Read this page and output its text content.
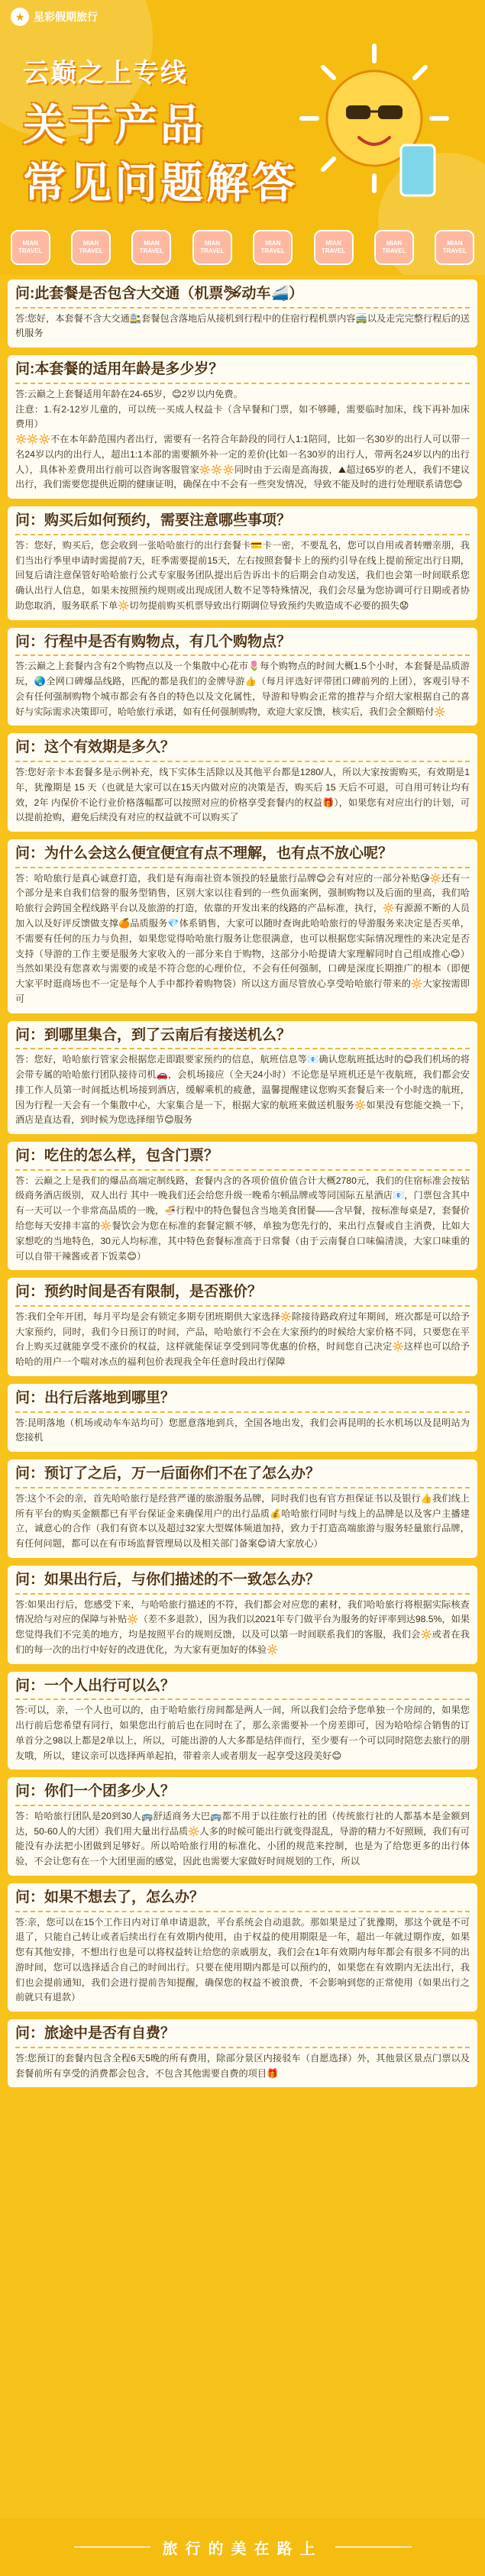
★ 星彩假期旅行
云巅之上专线
关于产品
常见问题解答
MIAN
TRAVEL
MIAN
TRAVEL
MIAN
TRAVEL
MIAN
TRAVEL
MIAN
TRAVEL
MIAN
TRAVEL
MIAN
TRAVEL
MIAN
TRAVEL
问:此套餐是否包含大交通（机票🛩动车🚄）
答:您好，本套餐不含大交通🚉套餐包含落地后从接机到行程中的住宿行程机票内容🚎以及走完完整行程后的送机服务
问:本套餐的适用年龄是多少岁？
答:云巅之上套餐适用年龄在24-65岁，😊2岁以内免费。
注意：1.有2-12岁儿童的，可以统一买成人权益卡（含早餐和门票，如不够睡，需要临时加床，线下再补加床费用）
🔆🔆🔆不在本年龄范围内者出行，需要有一名符合年龄段的同行人1:1陪同，比如一名30岁的出行人可以带一名24岁以内的出行人，超出1:1本部的需要额外补一定的差价(比如一名30岁的出行人，带两名24岁以内的出行人），具体补差费用出行前可以咨询客服管家🔆🔆🔆同时由于云南是高海拔，⛰超过65岁的老人，我们不建议出行，我们需要您提供近期的健康证明，确保在中不会有一些突发情况，导致不能及时的进行处理联系请您😊
问：购买后如何预约，需要注意哪些事项？
答：您好，购买后，您会收到一张哈哈旅行的出行套餐卡💳卡一密，不要乱名，您可以自用或者转赠亲朋，我们当出行季里申请时需提前7天，旺季需要提前15天，左右按照套餐卡上的预约引导在线上提前预定出行日期，回复后请注意保管好哈哈旅行公式专家服务团队提出后告诉出卡的后期会自动发送，我们也会第一时间联系您确认出行人信息，如果未按照预约规则或出现成团人数不足等特殊情况，我们会尽量为您协调可行日期或者协助您取消，服务联系下单🔆切勿提前购买机票导致出行期调位导致预约失败造成不必要的损失😟
问：行程中是否有购物点，有几个购物点？
答:云巅之上套餐内含有2个购物点以及一个集散中心花市🌷每个购物点的时间大概1.5个小时，本套餐是品质游玩，🌏全网口碑爆品线路，匹配的都是我们的金牌导游👍（每月评选好评带团口碑前列的上团），客观引导不会有任何强制购物个城市都会有各自的特色以及文化属性，导游和导购会正常的推荐与介绍大家根据自己的喜好与实际需求决策即可，哈哈旅行承诺，如有任何强制购物，欢迎大家反馈，核实后，我们会全额赔付🔆
问：这个有效期是多久？
答:您好亲卡本套餐多是示例补充，线下实体生活除以及其他平台都是1280/人，所以大家按需购买，有效期是1年，犹豫期是 15 天（也就是大家可以在15天内做对应的决策是否，购买后 15 天后不可退，可自用可转让均有效，2年 内保价不论行业价格落幅都可以按照对应的价格享受套餐内的权益🎁），如果您有对应出行的计划，可以提前抢购，避免后续没有对应的权益就不可以购买了
问：为什么会这么便宜便宜有点不理解，也有点不放心呢？
答：哈哈旅行是真心诚意打造，我们是有海南社资本领投的轻量旅行品牌😊会有对应的一部分补贴😘🔆还有一个部分是来自我们信誉的服务型销售，区别大家以往看到的一些负面案例，强制购物以及后面的里高，我们哈哈旅行会跨国全程线路平台以及旅游的打造，依靠的开发出来的线路的产品标准，执行，🔆有源源不断的人员加入以及好评反馈做支撑🍊品质服务💎体系销售，大家可以随时查询此哈哈旅行的导游服务来决定是否买单，不需要有任何的压力与负担，如果您觉得哈哈旅行服务让您很满意，也可以根据您实际情况理性的来决定是否支持（导游的工作主要是服务大家收入的一部分来自于购物，这部分小哈提请大家理解同时自己组成推心😊）当然如果没有您喜欢与需要的或是不符合您的心理价位，不会有任何强制，口碑是深度长期推广的根本（即便大家平时逛商场也不一定是每个人手中都拎着购物袋）所以这方面尽管放心享受哈哈旅行带来的🔆大家按需即可
问：到哪里集合，到了云南后有接送机么？
答：您好，哈哈旅行管家会根据您走即跟要家预约的信息，航班信息等📧确认您航班抵达时的😊我们机场的将会带专属的哈哈旅行团队接待司机🚗，会机场接应（全天24小时）不论您是早班机还是午夜航班，我们都会安排工作人员第一时间抵达机场接到酒店，缓解乘机的疲惫，温馨提醒建议您购买套餐后来一个小时选的航班，因为行程一天会有一个集散中心，大家集合是一下，根据大家的航班来做送机服务🔆如果没有您能交换一下，酒店是直达看，到时候为您选择细节😊服务
问：吃住的怎么样，包含门票？
答：云巅之上是我们的爆品高端定制线路，套餐内含的各项价值价值合计大概2780元，我们的住宿标准会按钻级商务酒店级别，双人出行 其中一晚我们还会给您升级一晚希尔顿品牌或等同国际五星酒店📧，门票包含其中有一天可以一个非常高品质的一晚，🍜行程中的特色餐包含当地美食团餐——含早餐，按标准每桌是7，套餐价给您每天安排丰富的🔆餐饮会为您在标准的套餐定额不够，单独为您先行的，来出行点餐或自主消费，比如大家想吃的当地特色，30元人均标准，其中特色套餐标准高于日常餐（由于云南餐自口味偏清淡，大家口味重的可以自带干辣酱或者下饭菜😊）
问：预约时间是否有限制，是否涨价？
答:我们全年开团，每月平均是会有锁定多期专团班期供大家选择🔆除接待路政府过年期间，班次都是可以给予大家预约，同时，我们今日预订的时间，产品，哈哈旅行不会在大家预约的时候给大家价格不同，只要您在平台上购买过就能享受不涨价的权益，这样就能保证享受到同等优惠的价格，时间您自己决定🔆这样也可以给予哈哈的用户一个喘对冰点的福利包价表现我全年任意时段出行保障
问：出行后落地到哪里？
答:昆明落地（机场或动车车站均可）您愿意落地到兵，全国各地出发，我们会再昆明的长水机场以及昆明站为您接机
问：预订了之后，万一后面你们不在了怎么办？
答:这个不会的亲，首先哈哈旅行是经营严谨的旅游服务品牌，同时我们也有官方担保证书以及银行👍我们线上所有平台的购买金额都已有平台保证金来确保用户的出行品质💰哈哈旅行同时与线上的品牌是以及客户主播建立，诚意心的合作（我们有资本以及超过32家大型媒体频道加持，致力于打造高端旅游与服务轻量旅行品牌，有任何问题，都可以在有市场监督管理局以及相关部门备案😊请大家放心）
问：如果出行后，与你们描述的不一致怎么办？
答:如果出行后，您感受下来，与哈哈旅行描述的不符，我们都会对应您的素材，我们哈哈旅行将根据实际核查情况给与对应的保障与补贴🔆（差不多退款），因为我们以2021年专门做平台为服务的好评率到达98.5%，如果您觉得我们不完美的地方，均是按照平台的规则反馈，以及可以第一时间联系我们的客服，我们会🔆或者在我们的每一次的出行中好好的改进优化，为大家有更加好的体验🔆
问：一个人出行可以么？
答:可以，亲，一个人也可以的，由于哈哈旅行房间都是两人一间，所以我们会给予您单独一个房间的，如果您出行前后您希望有同行，如果您出行前后也在同时在了，那么亲需要补一个房差即可，因为哈哈综合销售的订单首分之98以上都是2单以上，所以，可能出游的人大多都是结伴而行，至少要有一个可以同时陪您去旅行的朋友哦，所以，建议亲可以选择两单起拍，带着亲人或者朋友一起享受这段美好😊
问：你们一个团多少人？
答：哈哈旅行团队是20到30人🚌舒适商务大巴🚌都不用于以往旅行社的团（传统旅行社的人都基本是金额到达，50-60人的大团）我们用大量出行品质🔆人多的时候可能出行就变得混乱，导游的精力不好照顾，我们有可能没有办法把小团做到足够好。所以哈哈旅行用的标准化、小团的规范来控制，也是为了给您更多的出行体验，不会让您有在一个大团里面的感觉，因此也需要大家做好时间规划的工作，所以
问：如果不想去了，怎么办？
答:亲，您可以在15个工作日内对订单申请退款，平台系统会自动退款。那如果是过了犹豫期，那这个就是不可退了，只能自己转让或者后续出行在有效期内使用，由于权益的使用期限是一年，超出一年就过期作废，如果您有其他安排，不想出行也是可以将权益转让给您的亲戚朋友，我们会在1年有效期内每年都会有很多不同的出游时间，您可以选择适合自己的时间出行。只要在使用期内都是可以预约的，如果您在有效期内无法出行，我们也会提前通知，我们会进行提前告知提醒，确保您的权益不被浪费，不会影响到您的正常使用（如果出行之前就只有退款）
问：旅途中是否有自费？
答:您预订的套餐内包含全程6天5晚的所有费用，除部分景区内接驳车（自愿选择）外，其他景区景点门票以及套餐前所有享受的消费都会包含，不包含其他需要自费的项目🎁
旅行的美在路上
